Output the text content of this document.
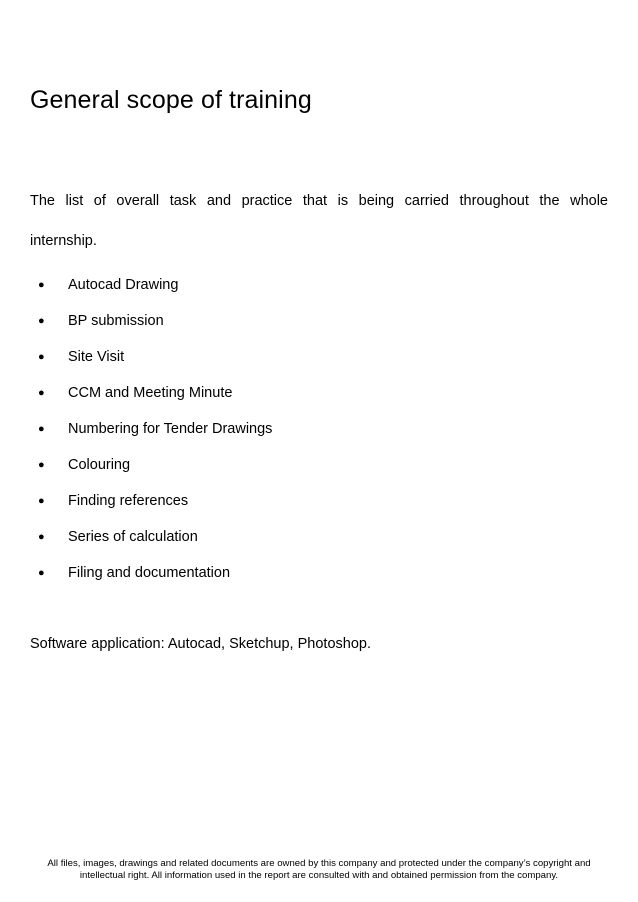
General scope of training

The list of overall task and practice that is being carried throughout the whole internship.

●	Autocad Drawing
●	BP submission
●	Site Visit
●	CCM and Meeting Minute
●	Numbering for Tender Drawings
●	Colouring
●	Finding references
●	Series of calculation
●	Filing and documentation

Software application: Autocad, Sketchup, Photoshop.

All files, images, drawings and related documents are owned by this company and protected under the company’s copyright and intellectual right. All information used in the report are consulted with and obtained permission from the company.
